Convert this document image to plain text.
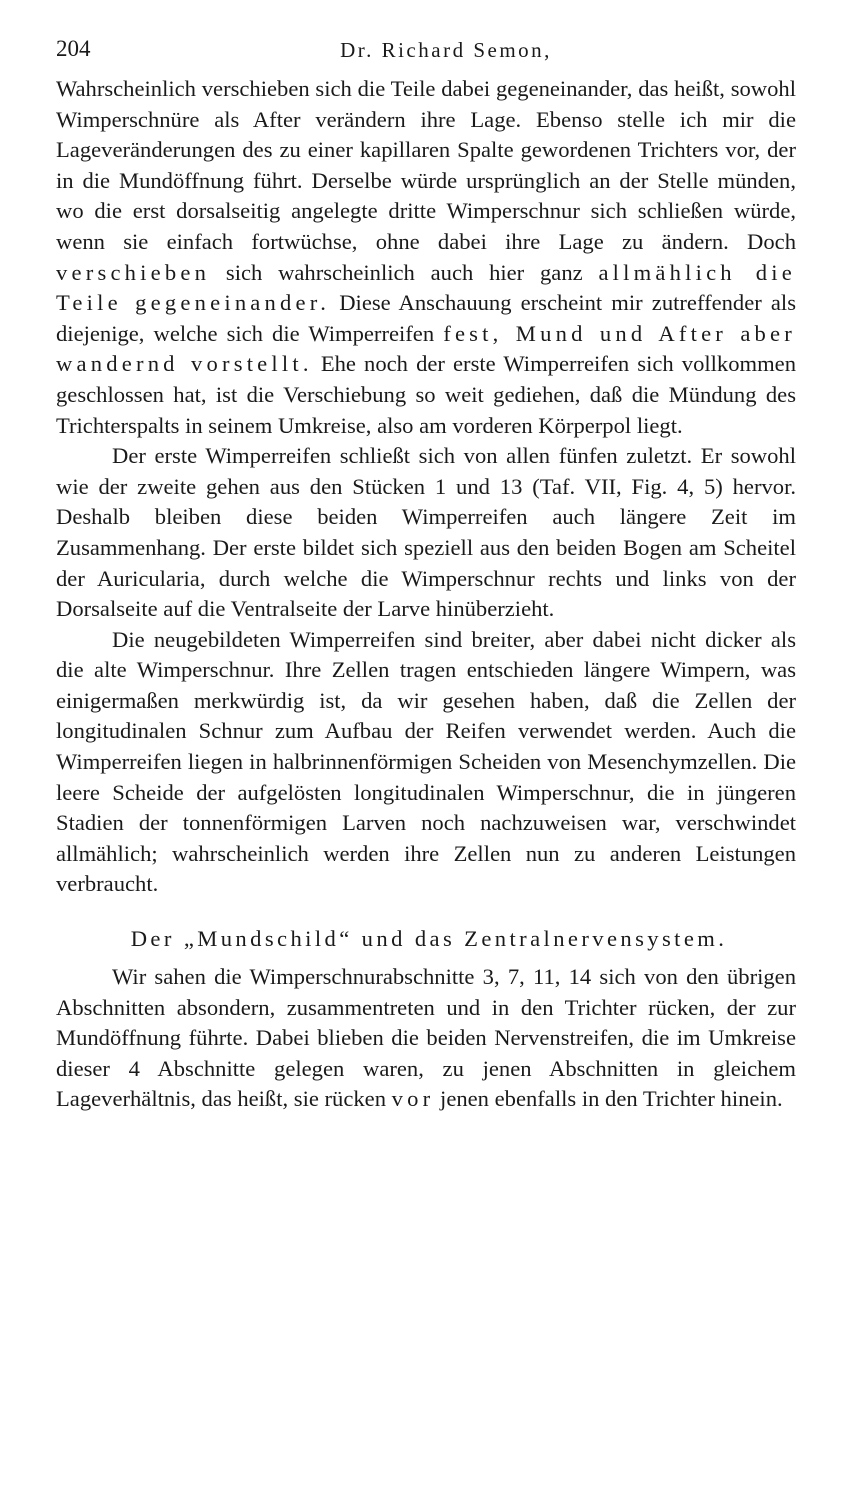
204	Dr. Richard Semon,

Wahrscheinlich verschieben sich die Teile dabei gegeneinander, das heißt, sowohl Wimperschnüre als After verändern ihre Lage. Ebenso stelle ich mir die Lageveränderungen des zu einer kapillaren Spalte gewordenen Trichters vor, der in die Mundöffnung führt. Derselbe würde ursprünglich an der Stelle münden, wo die erst dorsalseitig angelegte dritte Wimperschnur sich schließen würde, wenn sie einfach fortwüchse, ohne dabei ihre Lage zu ändern. Doch verschieben sich wahrscheinlich auch hier ganz allmählich die Teile gegeneinander. Diese Anschauung erscheint mir zutreffender als diejenige, welche sich die Wimperreifen fest, Mund und After aber wandernd vorstellt. Ehe noch der erste Wimperreifen sich vollkommen geschlossen hat, ist die Verschiebung so weit gediehen, daß die Mündung des Trichterspalts in seinem Umkreise, also am vorderen Körperpol liegt.

Der erste Wimperreifen schließt sich von allen fünfen zuletzt. Er sowohl wie der zweite gehen aus den Stücken 1 und 13 (Taf. VII, Fig. 4, 5) hervor. Deshalb bleiben diese beiden Wimperreifen auch längere Zeit im Zusammenhang. Der erste bildet sich speziell aus den beiden Bogen am Scheitel der Auricularia, durch welche die Wimperschnur rechts und links von der Dorsalseite auf die Ventralseite der Larve hinüberzieht.

Die neugebildeten Wimperreifen sind breiter, aber dabei nicht dicker als die alte Wimperschnur. Ihre Zellen tragen entschieden längere Wimpern, was einigermaßen merkwürdig ist, da wir gesehen haben, daß die Zellen der longitudinalen Schnur zum Aufbau der Reifen verwendet werden. Auch die Wimperreifen liegen in halbrinnenförmigen Scheiden von Mesenchymzellen. Die leere Scheide der aufgelösten longitudinalen Wimperschnur, die in jüngeren Stadien der tonnenförmigen Larven noch nachzuweisen war, verschwindet allmählich; wahrscheinlich werden ihre Zellen nun zu anderen Leistungen verbraucht.

Der „Mundschild“ und das Zentralnervensystem.

Wir sahen die Wimperschnurabschnitte 3, 7, 11, 14 sich von den übrigen Abschnitten absondern, zusammentreten und in den Trichter rücken, der zur Mundöffnung führte. Dabei blieben die beiden Nervenstreifen, die im Umkreise dieser 4 Abschnitte gelegen waren, zu jenen Abschnitten in gleichem Lageverhältnis, das heißt, sie rücken vor jenen ebenfalls in den Trichter hinein.
